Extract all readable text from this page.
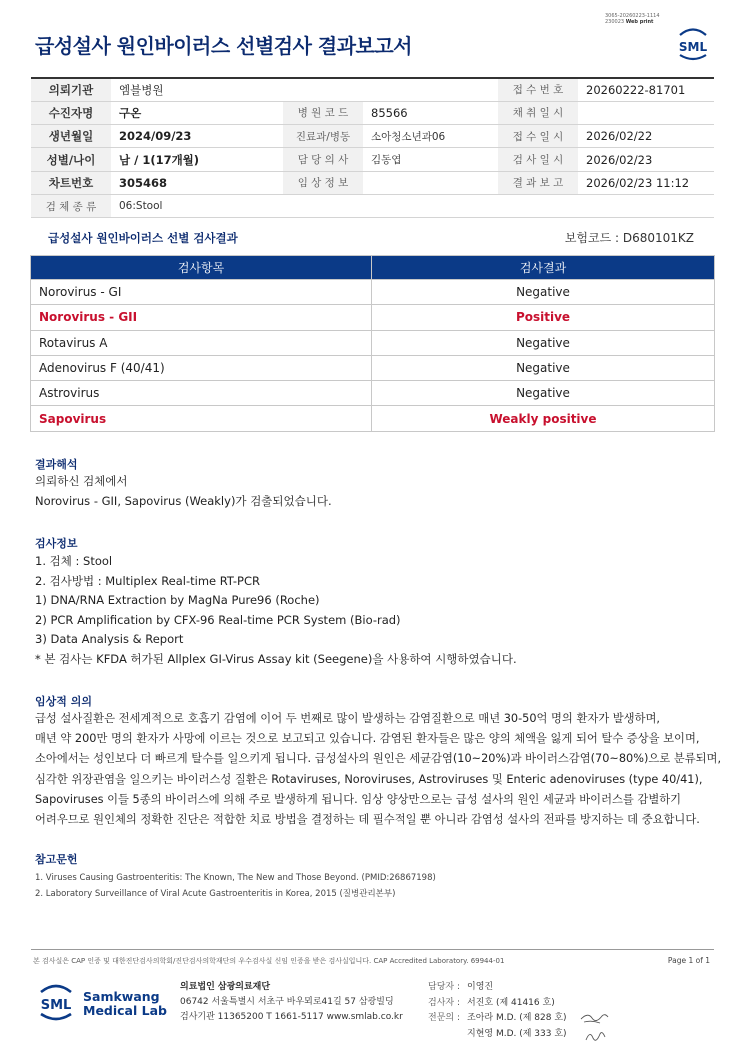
급성설사 원인바이러스 선별검사 결과보고서
3065-20260223-1114
230023 Web print
SML
의뢰기관	엠블병원			접 수 번 호	20260222-81701
수진자명	구온	병 원 코 드	85566	채 취 일 시	
생년월일	2024/09/23	진료과/병동	소아청소년과06	접 수 일 시	2026/02/22
성별/나이	남 / 1(17개월)	담 당 의 사	김동엽	검 사 일 시	2026/02/23
차트번호	305468	임 상 정 보		결 과 보 고	2026/02/23 11:12
검 체 종 류	06:Stool				
급성설사 원인바이러스 선별 검사결과	보험코드 : D680101KZ
검사항목	검사결과
Norovirus - GI	Negative
Norovirus - GII	Positive
Rotavirus A	Negative
Adenovirus F (40/41)	Negative
Astrovirus	Negative
Sapovirus	Weakly positive
결과해석
의뢰하신 검체에서
Norovirus - GII, Sapovirus (Weakly)가 검출되었습니다.
검사정보
1. 검체 : Stool
2. 검사방법 : Multiplex Real-time RT-PCR
1) DNA/RNA Extraction by MagNa Pure96 (Roche)
2) PCR Amplification by CFX-96 Real-time PCR System (Bio-rad)
3) Data Analysis & Report
* 본 검사는 KFDA 허가된 Allplex GI-Virus Assay kit (Seegene)을 사용하여 시행하였습니다.
임상적 의의
급성 설사질환은 전세계적으로 호흡기 감염에 이어 두 번째로 많이 발생하는 감염질환으로 매년 30-50억 명의 환자가 발생하며,
매년 약 200만 명의 환자가 사망에 이르는 것으로 보고되고 있습니다. 감염된 환자들은 많은 양의 체액을 잃게 되어 탈수 증상을 보이며,
소아에서는 성인보다 더 빠르게 탈수를 일으키게 됩니다. 급성설사의 원인은 세균감염(10~20%)과 바이러스감염(70~80%)으로 분류되며,
심각한 위장관염을 일으키는 바이러스성 질환은 Rotaviruses, Noroviruses, Astroviruses 및 Enteric adenoviruses (type 40/41),
Sapoviruses 이들 5종의 바이러스에 의해 주로 발생하게 됩니다. 임상 양상만으로는 급성 설사의 원인 세균과 바이러스를 감별하기
어려우므로 원인체의 정확한 진단은 적합한 치료 방법을 결정하는 데 필수적일 뿐 아니라 감염성 설사의 전파를 방지하는 데 중요합니다.
참고문헌
1. Viruses Causing Gastroenteritis: The Known, The New and Those Beyond. (PMID:26867198)
2. Laboratory Surveillance of Viral Acute Gastroenteritis in Korea, 2015 (질병관리본부)
본 검사실은 CAP 인증 및 대한진단검사의학회/진단검사의학재단의 우수검사실 신임 인증을 받은 검사실입니다. CAP Accredited Laboratory. 69944-01	Page 1 of 1
SML
Samkwang
Medical Lab
의료법인 삼광의료재단
06742 서울특별시 서초구 바우뫼로41길 57 삼광빌딩
검사기관 11365200 T 1661-5117 www.smlab.co.kr
담당자 : 이영진
검사자 : 서진호 (제 41416 호)
전문의 : 조아라 M.D. (제 828 호)
지현영 M.D. (제 333 호)
